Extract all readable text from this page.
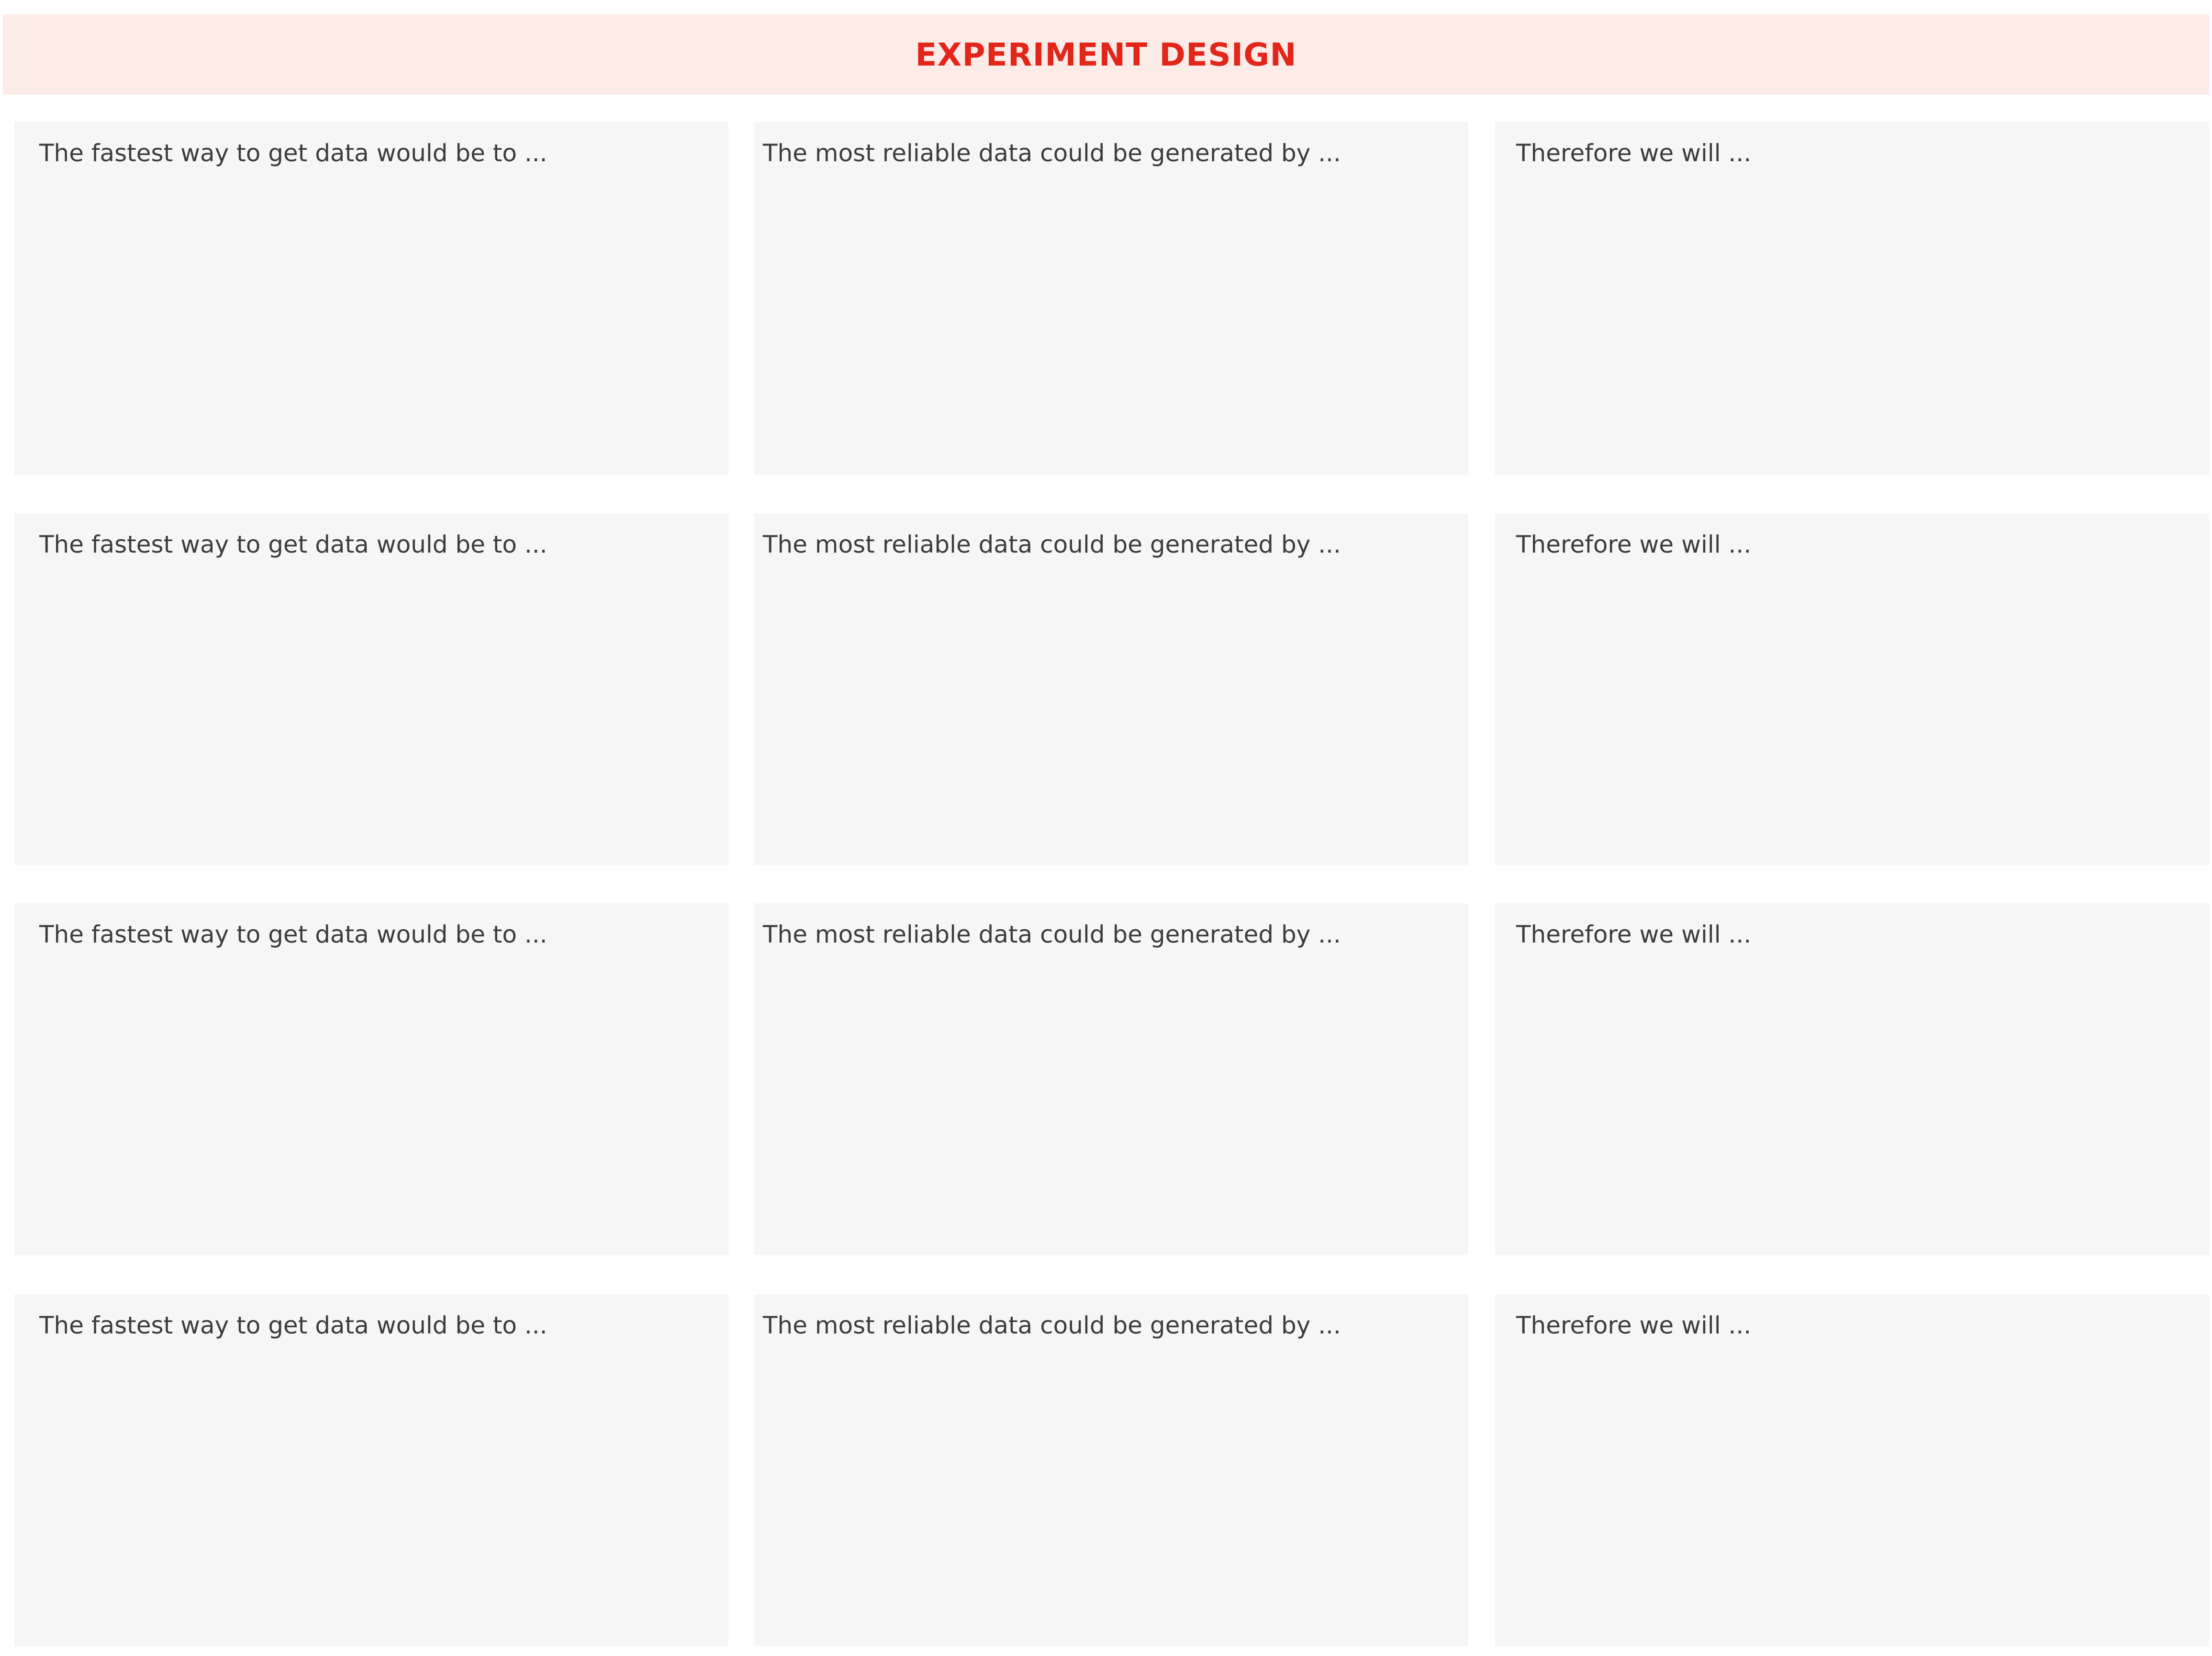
EXPERIMENT DESIGN
The fastest way to get data would be to ...	The most reliable data could be generated by ...	Therefore we will ...
The fastest way to get data would be to ...	The most reliable data could be generated by ...	Therefore we will ...
The fastest way to get data would be to ...	The most reliable data could be generated by ...	Therefore we will ...
The fastest way to get data would be to ...	The most reliable data could be generated by ...	Therefore we will ...
